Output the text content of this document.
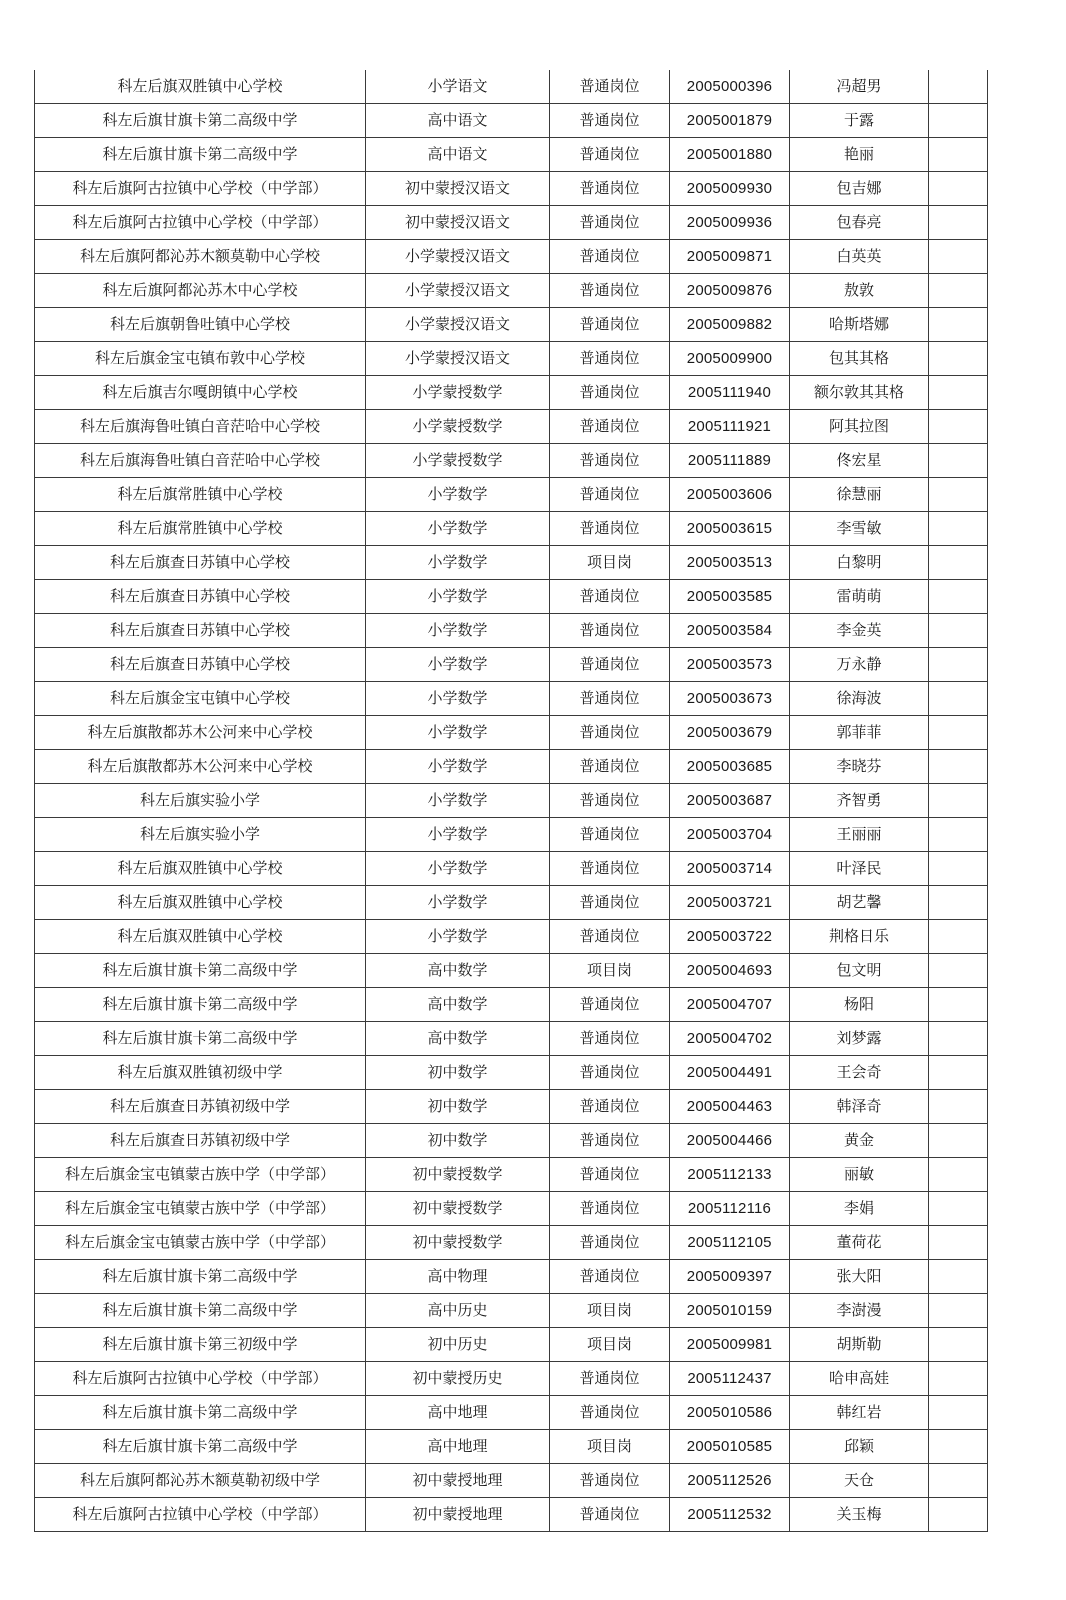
科左后旗双胜镇中心学校	小学语文	普通岗位	2005000396	冯超男	
科左后旗甘旗卡第二高级中学	高中语文	普通岗位	2005001879	于露	
科左后旗甘旗卡第二高级中学	高中语文	普通岗位	2005001880	艳丽	
科左后旗阿古拉镇中心学校（中学部）	初中蒙授汉语文	普通岗位	2005009930	包吉娜	
科左后旗阿古拉镇中心学校（中学部）	初中蒙授汉语文	普通岗位	2005009936	包春亮	
科左后旗阿都沁苏木额莫勒中心学校	小学蒙授汉语文	普通岗位	2005009871	白英英	
科左后旗阿都沁苏木中心学校	小学蒙授汉语文	普通岗位	2005009876	敖敦	
科左后旗朝鲁吐镇中心学校	小学蒙授汉语文	普通岗位	2005009882	哈斯塔娜	
科左后旗金宝屯镇布敦中心学校	小学蒙授汉语文	普通岗位	2005009900	包其其格	
科左后旗吉尔嘎朗镇中心学校	小学蒙授数学	普通岗位	2005111940	额尔敦其其格	
科左后旗海鲁吐镇白音茫哈中心学校	小学蒙授数学	普通岗位	2005111921	阿其拉图	
科左后旗海鲁吐镇白音茫哈中心学校	小学蒙授数学	普通岗位	2005111889	佟宏星	
科左后旗常胜镇中心学校	小学数学	普通岗位	2005003606	徐慧丽	
科左后旗常胜镇中心学校	小学数学	普通岗位	2005003615	李雪敏	
科左后旗查日苏镇中心学校	小学数学	项目岗	2005003513	白黎明	
科左后旗查日苏镇中心学校	小学数学	普通岗位	2005003585	雷萌萌	
科左后旗查日苏镇中心学校	小学数学	普通岗位	2005003584	李金英	
科左后旗查日苏镇中心学校	小学数学	普通岗位	2005003573	万永静	
科左后旗金宝屯镇中心学校	小学数学	普通岗位	2005003673	徐海波	
科左后旗散都苏木公河来中心学校	小学数学	普通岗位	2005003679	郭菲菲	
科左后旗散都苏木公河来中心学校	小学数学	普通岗位	2005003685	李晓芬	
科左后旗实验小学	小学数学	普通岗位	2005003687	齐智勇	
科左后旗实验小学	小学数学	普通岗位	2005003704	王丽丽	
科左后旗双胜镇中心学校	小学数学	普通岗位	2005003714	叶泽民	
科左后旗双胜镇中心学校	小学数学	普通岗位	2005003721	胡艺馨	
科左后旗双胜镇中心学校	小学数学	普通岗位	2005003722	荆格日乐	
科左后旗甘旗卡第二高级中学	高中数学	项目岗	2005004693	包文明	
科左后旗甘旗卡第二高级中学	高中数学	普通岗位	2005004707	杨阳	
科左后旗甘旗卡第二高级中学	高中数学	普通岗位	2005004702	刘梦露	
科左后旗双胜镇初级中学	初中数学	普通岗位	2005004491	王会奇	
科左后旗查日苏镇初级中学	初中数学	普通岗位	2005004463	韩泽奇	
科左后旗查日苏镇初级中学	初中数学	普通岗位	2005004466	黄金	
科左后旗金宝屯镇蒙古族中学（中学部）	初中蒙授数学	普通岗位	2005112133	丽敏	
科左后旗金宝屯镇蒙古族中学（中学部）	初中蒙授数学	普通岗位	2005112116	李娟	
科左后旗金宝屯镇蒙古族中学（中学部）	初中蒙授数学	普通岗位	2005112105	董荷花	
科左后旗甘旗卡第二高级中学	高中物理	普通岗位	2005009397	张大阳	
科左后旗甘旗卡第二高级中学	高中历史	项目岗	2005010159	李澍漫	
科左后旗甘旗卡第三初级中学	初中历史	项目岗	2005009981	胡斯勒	
科左后旗阿古拉镇中心学校（中学部）	初中蒙授历史	普通岗位	2005112437	哈申高娃	
科左后旗甘旗卡第二高级中学	高中地理	普通岗位	2005010586	韩红岩	
科左后旗甘旗卡第二高级中学	高中地理	项目岗	2005010585	邱颖	
科左后旗阿都沁苏木额莫勒初级中学	初中蒙授地理	普通岗位	2005112526	天仓	
科左后旗阿古拉镇中心学校（中学部）	初中蒙授地理	普通岗位	2005112532	关玉梅	
